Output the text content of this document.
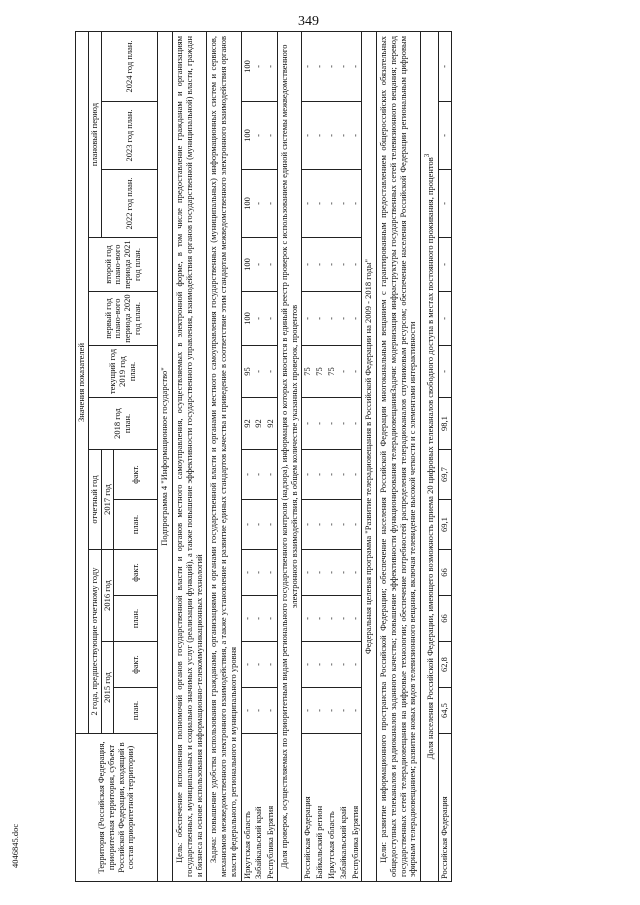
349
4046845.doc	Территория (Российская Федерация, приоритетная территория, субъект Российской Федерации, входящий в состав приоритетной территории)	Значения показателей												
	2 года, предшествующие отчетному году				отчетный год		2018 год план.	текущий год 2019 год план.	первый год плано-вого периода 2020 год план.	второй год плано-вого периода 2021 год план.	плановый период		
	2015 год		2016 год		2017 год						2022 год план.	2023 год план.	2024 год план.
	план.	факт.	план.	факт.	план.	факт.							
Подпрограмма 4 "Информационное государство"													
Цель: обеспечение исполнения полномочий органов государственной власти и органов местного самоуправления, осуществляемых в электронной форме, в том числе предоставление гражданам и организациям государственных, муниципальных и социально значимых услуг (реализации функций), а также повышение эффективности государственного управления, взаимодействия органов государственной (муниципальной) власти, граждан и бизнеса на основе использования информационно-телекоммуникационных технологий													
Задача: повышение удобства использования гражданами, организациями и органами государственной власти и органами местного самоуправления государственных (муниципальных) информационных систем и сервисов, механизмов межведомственного электронного взаимодействия, а также установление и развитие единых стандартов качества и приведение в соответствие этим стандартам межведомственного электронного взаимодействия органов власти федерального, регионального и муниципального уровня													
Иркутская область	-	-	-	-	-	-	92	95	100	100	100	100	100
Забайкальский край	-	-	-	-	-	-	92	-	-	-	-	-	-
Республика Бурятия	-	-	-	-	-	-	92	-	-	-	-	-	-
Доля проверок, осуществляемых по приоритетным видам регионального государственного контроля (надзора), информация о которых вносится в единый реестр проверок с использованием единой системы межведомственного электронного взаимодействия, в общем количестве указанных проверок, процентов													
Российская Федерация	-	-	-	-	-	-	-	75	-	-	-	-	-
Байкальский регион	-	-	-	-	-	-	-	75	-	-	-	-	-
Иркутская область	-	-	-	-	-	-	-	75	-	-	-	-	-
Забайкальский край	-	-	-	-	-	-	-	-	-	-	-	-	-
Республика Бурятия	-	-	-	-	-	-	-	-	-	-	-	-	-
Федеральная целевая программа "Развитие телерадиовещания в Российской Федерации на 2009 - 2018 годы"													
Цели: развитие информационного пространства Российской Федерации; обеспечение населения Российской Федерации многоканальным вещанием с гарантированным предоставлением общероссийских обязательных общедоступных телеканалов и радиоканалов заданного качества; повышение эффективности функционирования телерадиовещанияЗадачи: модернизация инфраструктуры государственных сетей телевизионного вещания; перевод государственных сетей телерадиовещания на цифровые технологии; обеспечение потребностей распределения телерадиоканалов спутниковым ресурсом; обеспечение населения Российской Федерации региональным цифровым эфирным телерадиовещанием; развитие новых видов телевизионного вещания, включая телевидение высокой четкости и с элементами интерактивности													
Доля населения Российской Федерации, имеющего возможность приема 20 цифровых телеканалов свободного доступа в местах постоянного проживания, процентов$^3$
Российская Федерация	64,5	62,8	66	66	69,1	69,7	98,1	-	-	-	-	-	-
